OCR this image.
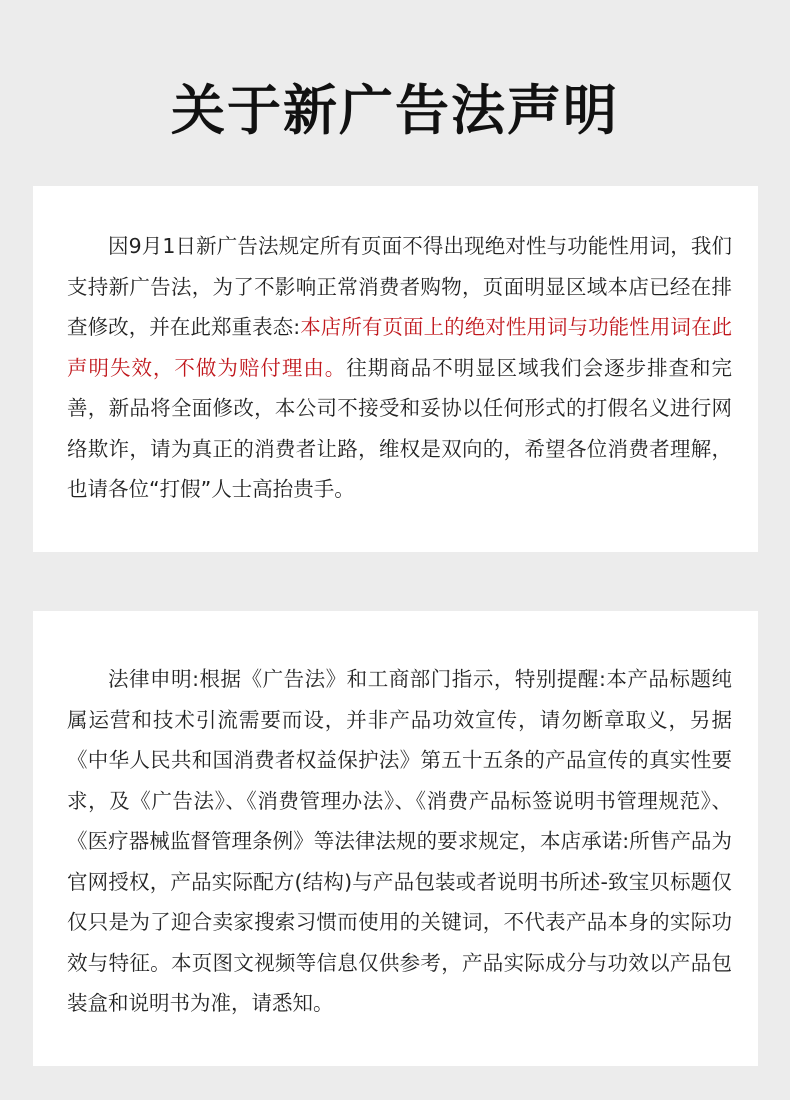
关于新广告法声明

因9月1日新广告法规定所有页面不得出现绝对性与功能性用词，我们支持新广告法，为了不影响正常消费者购物，页面明显区域本店已经在排查修改，并在此郑重表态:本店所有页面上的绝对性用词与功能性用词在此声明失效，不做为赔付理由。往期商品不明显区域我们会逐步排查和完善，新品将全面修改，本公司不接受和妥协以任何形式的打假名义进行网络欺诈，请为真正的消费者让路，维权是双向的，希望各位消费者理解，也请各位“打假”人士高抬贵手。

法律申明:根据《广告法》和工商部门指示，特别提醒:本产品标题纯属运营和技术引流需要而设，并非产品功效宣传，请勿断章取义，另据《中华人民共和国消费者权益保护法》第五十五条的产品宣传的真实性要求，及《广告法》、《消费管理办法》、《消费产品标签说明书管理规范》、《医疗器械监督管理条例》等法律法规的要求规定，本店承诺:所售产品为官网授权，产品实际配方(结构)与产品包装或者说明书所述-致宝贝标题仅仅只是为了迎合卖家搜索习惯而使用的关键词，不代表产品本身的实际功效与特征。本页图文视频等信息仅供参考，产品实际成分与功效以产品包装盒和说明书为准，请悉知。
